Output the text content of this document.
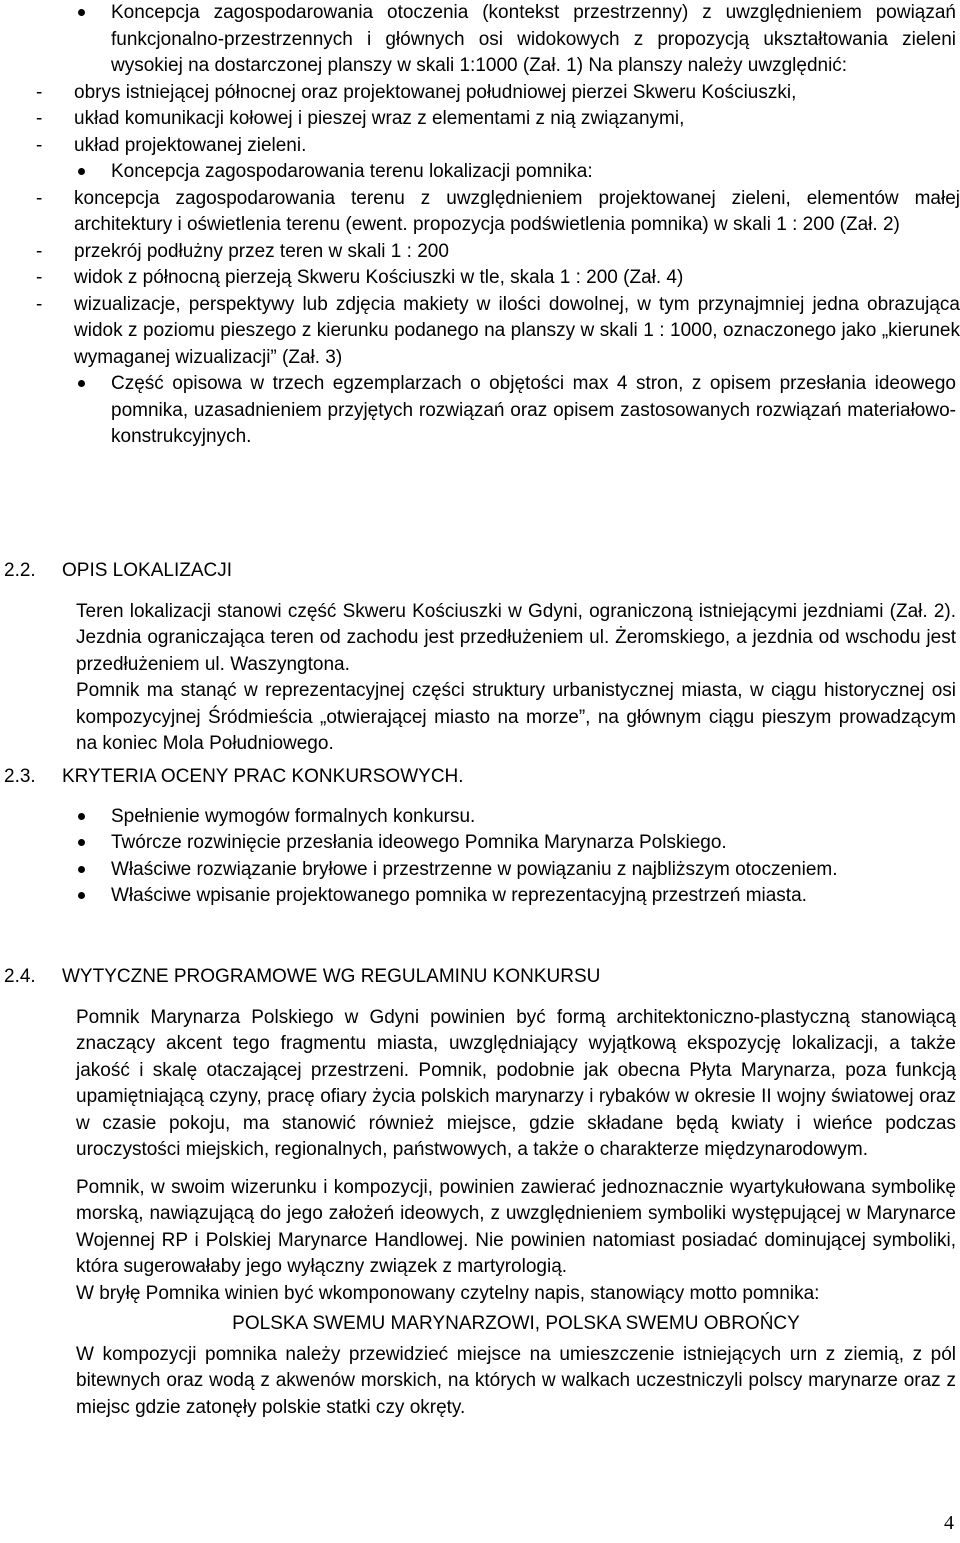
Koncepcja zagospodarowania otoczenia (kontekst przestrzenny) z uwzględnieniem powiązań funkcjonalno-przestrzennych i głównych osi widokowych z propozycją ukształtowania zieleni wysokiej na dostarczonej planszy w skali 1:1000 (Zał. 1) Na planszy należy uwzględnić:
- obrys istniejącej północnej oraz projektowanej południowej pierzei Skweru Kościuszki,
- układ komunikacji kołowej i pieszej wraz z elementami z nią związanymi,
- układ projektowanej zieleni.
Koncepcja zagospodarowania terenu lokalizacji pomnika:
- koncepcja zagospodarowania terenu z uwzględnieniem projektowanej zieleni, elementów małej architektury i oświetlenia terenu (ewent. propozycja podświetlenia pomnika) w skali 1 : 200 (Zał. 2)
- przekrój podłużny przez teren w skali 1 : 200
- widok z północną pierzeją Skweru Kościuszki w tle, skala 1 : 200 (Zał. 4)
- wizualizacje, perspektywy lub zdjęcia makiety w ilości dowolnej, w tym przynajmniej jedna obrazująca widok z poziomu pieszego z kierunku podanego na planszy w skali 1 : 1000, oznaczonego jako „kierunek wymaganej wizualizacji” (Zał. 3)
Część opisowa w trzech egzemplarzach o objętości max 4 stron, z opisem przesłania ideowego pomnika, uzasadnieniem przyjętych rozwiązań oraz opisem zastosowanych rozwiązań materiałowo-konstrukcyjnych.
2.2. OPIS LOKALIZACJI
Teren lokalizacji stanowi część Skweru Kościuszki w Gdyni, ograniczoną istniejącymi jezdniami (Zał. 2). Jezdnia ograniczająca teren od zachodu jest przedłużeniem ul. Żeromskiego, a jezdnia od wschodu jest przedłużeniem ul. Waszyngtona.
Pomnik ma stanąć w reprezentacyjnej części struktury urbanistycznej miasta, w ciągu historycznej osi kompozycyjnej Śródmieścia „otwierającej miasto na morze”, na głównym ciągu pieszym prowadzącym na koniec Mola Południowego.
2.3. KRYTERIA OCENY PRAC KONKURSOWYCH.
Spełnienie wymogów formalnych konkursu.
Twórcze rozwinięcie przesłania ideowego Pomnika Marynarza Polskiego.
Właściwe rozwiązanie bryłowe i przestrzenne w powiązaniu z najbliższym otoczeniem.
Właściwe wpisanie projektowanego pomnika w reprezentacyjną przestrzeń miasta.
2.4. WYTYCZNE PROGRAMOWE WG REGULAMINU KONKURSU
Pomnik Marynarza Polskiego w Gdyni powinien być formą architektoniczno-plastyczną stanowiącą znaczący akcent tego fragmentu miasta, uwzględniający wyjątkową ekspozycję lokalizacji, a także jakość i skalę otaczającej przestrzeni. Pomnik, podobnie jak obecna Płyta Marynarza, poza funkcją upamiętniającą czyny, pracę ofiary życia polskich marynarzy i rybaków w okresie II wojny światowej oraz w czasie pokoju, ma stanowić również miejsce, gdzie składane będą kwiaty i wieńce podczas uroczystości miejskich, regionalnych, państwowych, a także o charakterze międzynarodowym.
Pomnik, w swoim wizerunku i kompozycji, powinien zawierać jednoznacznie wyartykułowana symbolikę morską, nawiązującą do jego założeń ideowych, z uwzględnieniem symboliki występującej w Marynarce Wojennej RP i Polskiej Marynarce Handlowej. Nie powinien natomiast posiadać dominującej symboliki, która sugerowałaby jego wyłączny związek z martyrologią.
W bryłę Pomnika winien być wkomponowany czytelny napis, stanowiący motto pomnika:
POLSKA SWEMU MARYNARZOWI, POLSKA SWEMU OBROŃCY
W kompozycji pomnika należy przewidzieć miejsce na umieszczenie istniejących urn z ziemią, z pól bitewnych oraz wodą z akwenów morskich, na których w walkach uczestniczyli polscy marynarze oraz z miejsc gdzie zatonęły polskie statki czy okręty.
4
